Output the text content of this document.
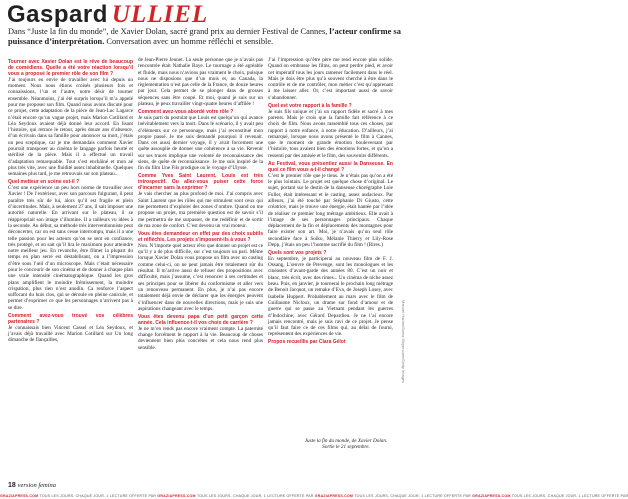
Gaspard ULLIEL
Dans “Juste la fin du monde”, de Xavier Dolan, sacré grand prix au dernier Festival de Cannes, l’acteur confirme sa puissance d’interprétation. Conversation avec un homme réfléchi et sensible.
Tourner avec Xavier Dolan est le rêve de beaucoup de comédiens. Quelle a été votre réaction lorsqu’il vous a proposé le premier rôle de son film ?

J’ai toujours eu envie de travailler avec lui depuis un moment. Nous nous étions croisés plusieurs fois et connaissions, l’un et l’autre, notre désir de tourner ensemble. Néanmoins, j’ai été surpris lorsqu’il m’a appelé pour me proposer son film. Quand nous avons discuté pour ce projet, cette adaptation de la pièce de Jean-Luc Lagarce n’était encore qu’un vague projet, mais Marion Cotillard et Léa Seydoux avaient déjà donné leur accord. En lisant l’histoire, qui retrace le retour, après douze ans d’absence, d’un écrivain dans sa famille pour annoncer sa mort, j’étais un peu sceptique, car je me demandais comment Xavier pourrait transposer au cinéma le langage parfois heurté et stérilisé de la pièce. Mais il a effectué un travail d’adaptation remarquable. Tout s’est enchâiné et mon aé plus très vite, avec une fluidité assez inhabituelle. Quelques semaines plus tard, je me retrouvais sur son plateau...

Quel metteur en scène est-il ?

C’est une expérience un peu hors norme de travailler avec Xavier ! De l’extérieur, avec son parcours fulgurant, il peut paraître très sûr de lui, alors qu’il est fragile et plein d’incertitudes. Mais, à seulement 27 ans, il sait imposer une autorité naturelle. En arrivant sur le plateau, il se réappropriait son image s’illumine. Il a railleurs vu idées à la seconde. Au début, sa méthode très interventionniste peut déconcerter, car on est sans cesse interrompu, mais il a une telle passion pour les acteurs qu’on se sent en confiance, très protégé, et on sait qu’il lira le maximum pour atteindre notre meilleur jeu. En revanche, être filmer la plupart du temps en plan serré est déstabilisant, on a l’impression d’être sous l’œil d’un microscope. Mais c’était nécessaire pour le concourir de son cinéma et de donner à chaque plan une vraie intensité cinématographique. Quand les gros plans amplifient le moindre frémissement, la moindre crispation, plus rien n’est anodin. Ca renforce l’aspect suffocant du huis clos, qui se déroule en pleine canicule, et permet d’exprimer ce que les personnages n’arrivent pas à se dire.

Comment avez-vous trouvé vos célèbres partenaires ?

Je connaissais bien Vincent Cassel et Léa Seydoux, et j’avais déjà travaillé avec Marion Cotillard sur Un long dimanche de fiançailles,

de Jean-Pierre Jeunet. La seule personne que je n’avais pas rencontrée était Nathalie Baye. Le tournage a été agréable et fluide, mais nous n’avions pas vraiment le choix, puisque nous ne disposions que d’un mois et, au Canada, la règlementation n’est pas celle de la France, de douze heures par jour. Cela permet de se plonger dans de grosses séquences sans être coupé. Et moi, quand je suis sur un plateau, je peux travailler vingt-quatre heures d’affilée !

Comment avez-vous abordé votre rôle ?

Je suis parti du postulat que Louis est quelqu’un qui avance inévitablement vers la mort. Dans le scénario, il y avait peu d’éléments sur ce personnage, mais j’ai reconstitué mon propre passé. Je me suis demandé pourquoi il revenait. Dans cet aussi dernier voyage, il y avait forcement une quête assouplie de donner une cohérence à sa vie. Revenir sur ses traces implique une volonté de reconnaissance des siens, de quête de reconnaissance. Je me suis inspiré de la fin du film Une Fils prodigue ou le voyage d’Ulysse.

Comme Yves Saint Laurent, Louis est très introspectif. Ou allez-vous puiser cette force d’incarner sans la exprimer ?

Je vais chercher au plus profond de moi. J’ai compris avec Saint Laurent que les rôles qui me stimulent sont ceux qui me permettent d’explorer des zones d’ombre. Quand on me propose un projet, ma première question est de savoir s’il me permettra de me surpasser, de me redéfinir et de sortir de ma zone de confort. C’est devenu un vrai moteur.

Vous êtes demandeur en effet par des choix subtils et réfléchis. Les projets s’imposent-ils à vous ?

Non. N’importe quel acteur rêve que donner un projet est ce qu’il y a de plus difficile, sur c’est toujours un pari. Même lorsque Xavier Dolan vous propose un film avec un casting comme celui-ci, on ne peut jamais être totalement sûr du résultat. Il m’arrive aussi de refuser des propositions avec difficulté, mais j’assume, c’est renoncer à ses certitudes et ses principes pour se libérer du conformisme et aller vers un renouveau permanent. En plus, je n’ai pas encore totalement déjà envie de déclarer que les énergies peuvent s’influencer dans de nouvelles directions, mais je suis une aspirations changeant avec le temps.

Vous êtes devenu papa d’un petit garçon cette année. Cela influence-t-il vos choix de carrière ?

Je ne m’en rends pas encore vraiment compte. La paternité change forcément le rapport à la vie. Beaucoup de choses deviennent bien plus concrètes et cela nous rend plus sensible.

J’ai l’impression qu’être père me rend encore plus solide. Quand on embrasse les films, on peut perdre pied, et avoir cet impératif tous les jours ramener facilement dans le réel. Mais je dois être plus qu’à souvent cherché à être dans le contrôle et de me contrôler, mon métier c’est qu’apprenant à me laisser aller. Or, c’est important aussi de savoir s’abandonner.

Quel est votre rapport à la famille ?

Je suis fils unique et j’ai un rapport fidèle et sacré à mes parents. Mais je crois que la famille fait référence à ce choix de film. Nous avons rassemblé tous ces choses, par rapport à notre enfance, à notre éducation. D’ailleurs, j’ai remarqué, lorsque nous avons présenté le film à Cannes, que le moment de grande émotion bouleversant par l’histoire, tous avaient bien des émotions fortes, et qu’on a ressenti par des amisée et le film, des souvenirs différents.

Au Festival, vous présentiez aussi la Danseuse. En quoi ce film vous a-t-il changé ?

C’est le premier rôle que je tiens. Je n’étais pas qu’on a été le plus lointain. Le projet est quelque chose d’original. Le sujet, portant sur le destin de la danseuse chorégraphe Loie Fuller, était intéressant et le casting, assez audacieux. Par ailleurs, j’ai été touché par Stéphanie Di Giusto, cette créatrice, mais je trouve une énergie, était hantée par l’idée de réaliser ce premier long métrage ambitieux. Elle avait à l’image de ses personnages principaux. Chaque déplacement de la fin et déplacements des montagnes pour faire exister son art. Moi, je n’avais qu’un seul rôle secondâire face à Soïko, Mélanie Thierry et Lily-Rose Depp, j’étais un peu l’homme sacrifié du film ! (Rires.)

Quels sont vos projets ?

En septembre, je participerai au nouveau film de F. J. Ossang, L’œuvre de Prevenge, sont les monologues et les cinéastes d’avant-garde des années 80. C’est un noir et blanc, très écrit, avec des rimes... Un cinéma de niche assez beau. Puis, en janvier, je tournerai le prochain long métrage de Benoit Jacquot, un remake d’Eva, de Joseph Losey, avec Isabelle Huppert. Probablement au mars avec le film de Guillaume Nicloux, un drame sur fond d’amour et de guerre qui se passe au Vietnam pendant les guerres d’Indochine, avec Gérard Depardieu. Je ne l’ai encore jamais rencontré, mais je suis ravi de ce projet. Je pense qu’il faut faire ce de ces films qui, au délai de fourni, représentent des expériences de vie.

Propos recueillis par Clara Gélot
Juste la fin du monde, de Xavier Dolan.
Sortie le 21 septembre.
Manuel Harlan/Sonia Moyersoen/Getty Images
18 version femina
GRAZIAPRESS.COM TOUS LES JOURS, CHAQUE JOUR, 1 LECTURE OFFERTE PAR GRAZIAPRESS.COM TOUS LES JOURS, CHAQUE JOUR, 1 LECTURE OFFERTE PAR GRAZIAPRESS.COM TOUS LES JOURS, CHAQUE JOUR, 1 LECTURE OFFERTE PAR GRAZIAPRESS.COM TOUS LES JOURS, CHAQUE JOUR, 1 LECTURE OFFERTE PAR
